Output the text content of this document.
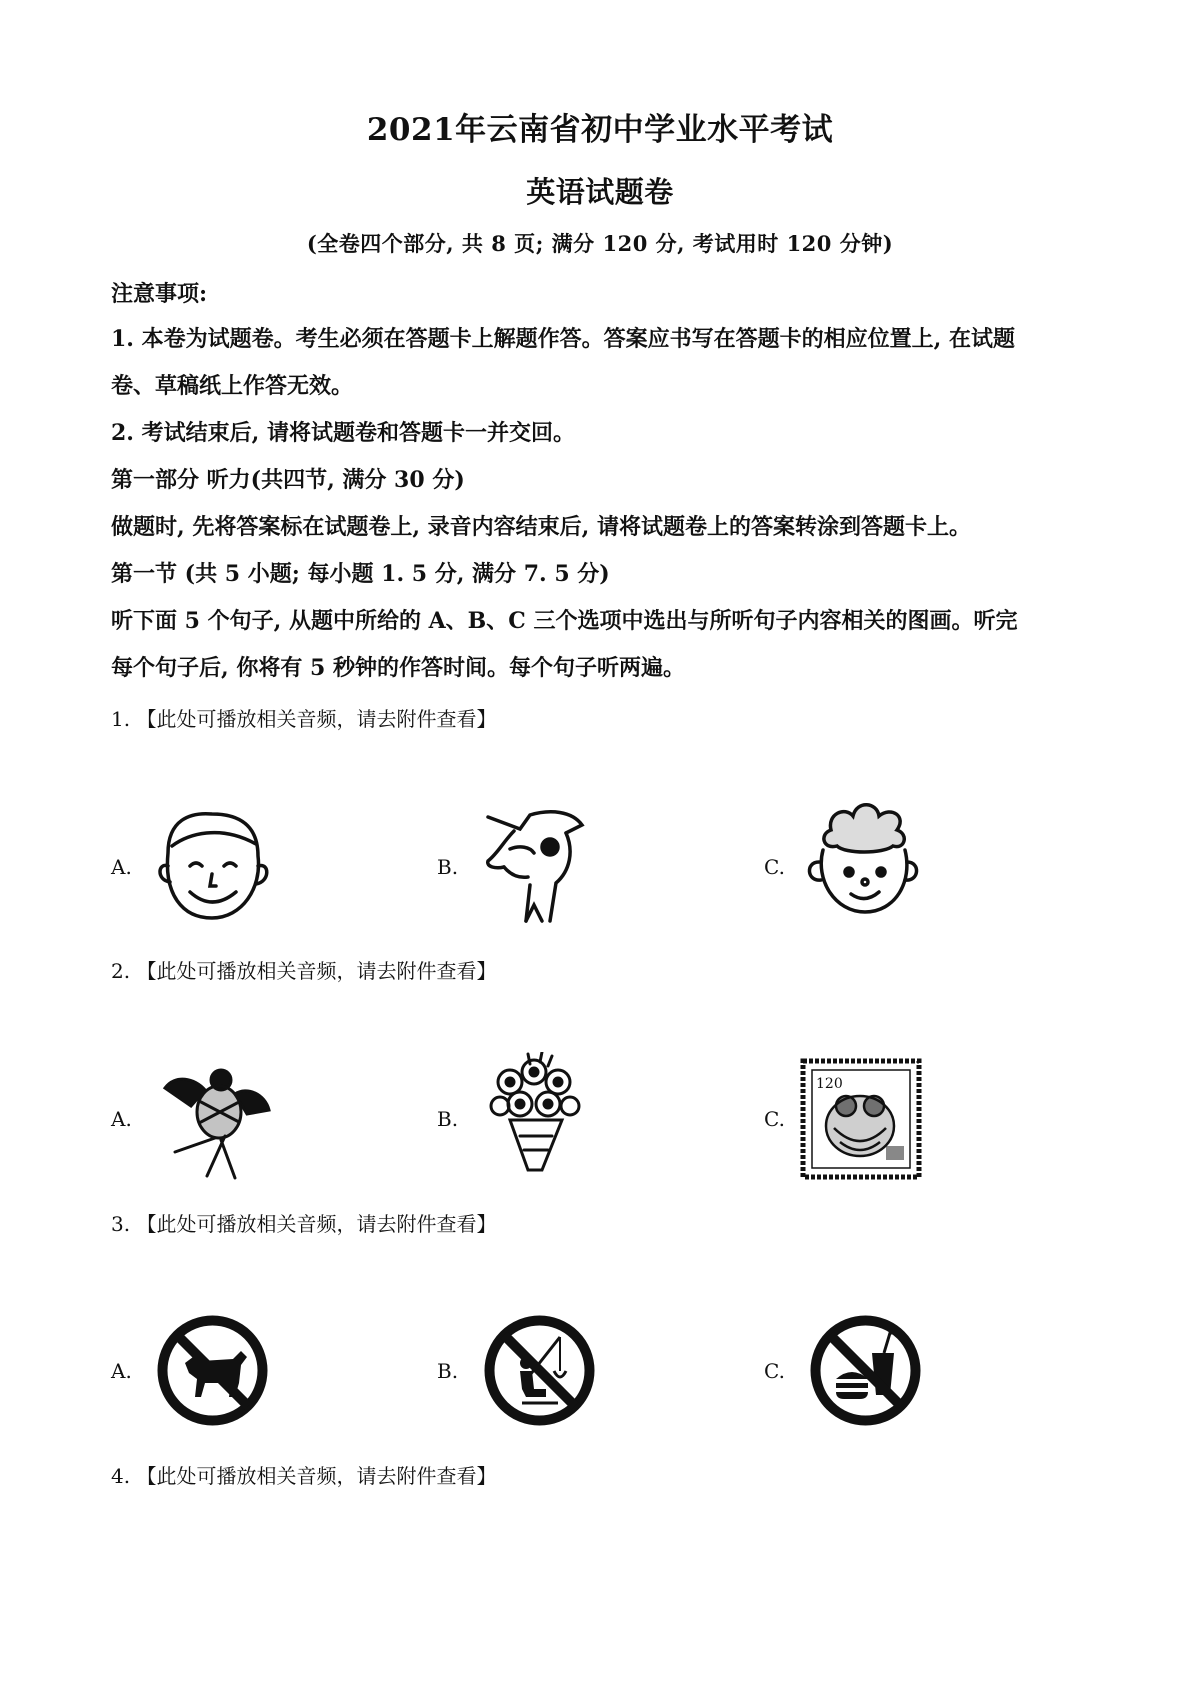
2021年云南省初中学业水平考试
英语试题卷
(全卷四个部分, 共 8 页; 满分 120 分, 考试用时 120 分钟)
注意事项:
1. 本卷为试题卷。考生必须在答题卡上解题作答。答案应书写在答题卡的相应位置上, 在试题
卷、草稿纸上作答无效。
2. 考试结束后, 请将试题卷和答题卡一并交回。
第一部分 听力(共四节, 满分 30 分)
做题时, 先将答案标在试题卷上, 录音内容结束后, 请将试题卷上的答案转涂到答题卡上。
第一节 (共 5 小题; 每小题 1. 5 分, 满分 7. 5 分)
听下面 5 个句子, 从题中所给的 A、B、C 三个选项中选出与所听句子内容相关的图画。听完
每个句子后, 你将有 5 秒钟的作答时间。每个句子听两遍。
1. 【此处可播放相关音频，请去附件查看】
A.	B.	C.
2. 【此处可播放相关音频，请去附件查看】
A.	B.	C.
120
3. 【此处可播放相关音频，请去附件查看】
A.	B.	C.
4. 【此处可播放相关音频，请去附件查看】
